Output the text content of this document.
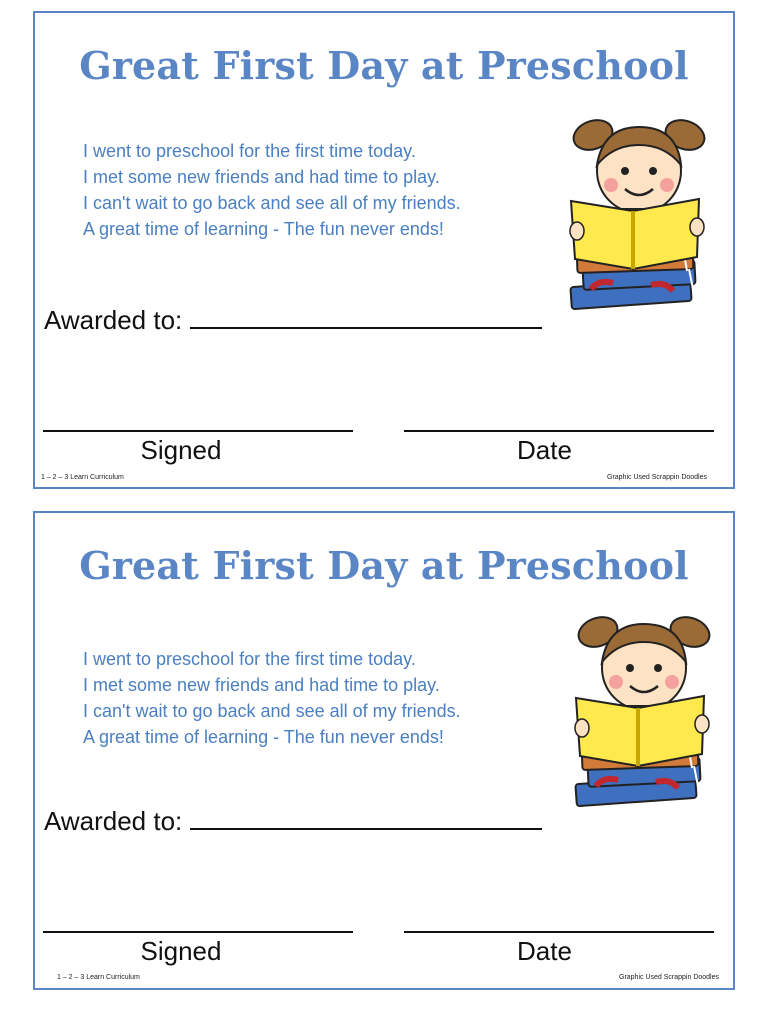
Great First Day at Preschool
I went to preschool for the first time today.
I met some new friends and had time to play.
I can't wait to go back and see all of my friends.
A great time of learning - The fun never ends!
Awarded to:
Signed	Date
1 – 2 – 3 Learn Curriculum	Graphic Used Scrappin Doodles
Great First Day at Preschool
I went to preschool for the first time today.
I met some new friends and had time to play.
I can't wait to go back and see all of my friends.
A great time of learning - The fun never ends!
Awarded to:
Signed	Date
1 – 2 – 3 Learn Curriculum	Graphic Used Scrappin Doodles
